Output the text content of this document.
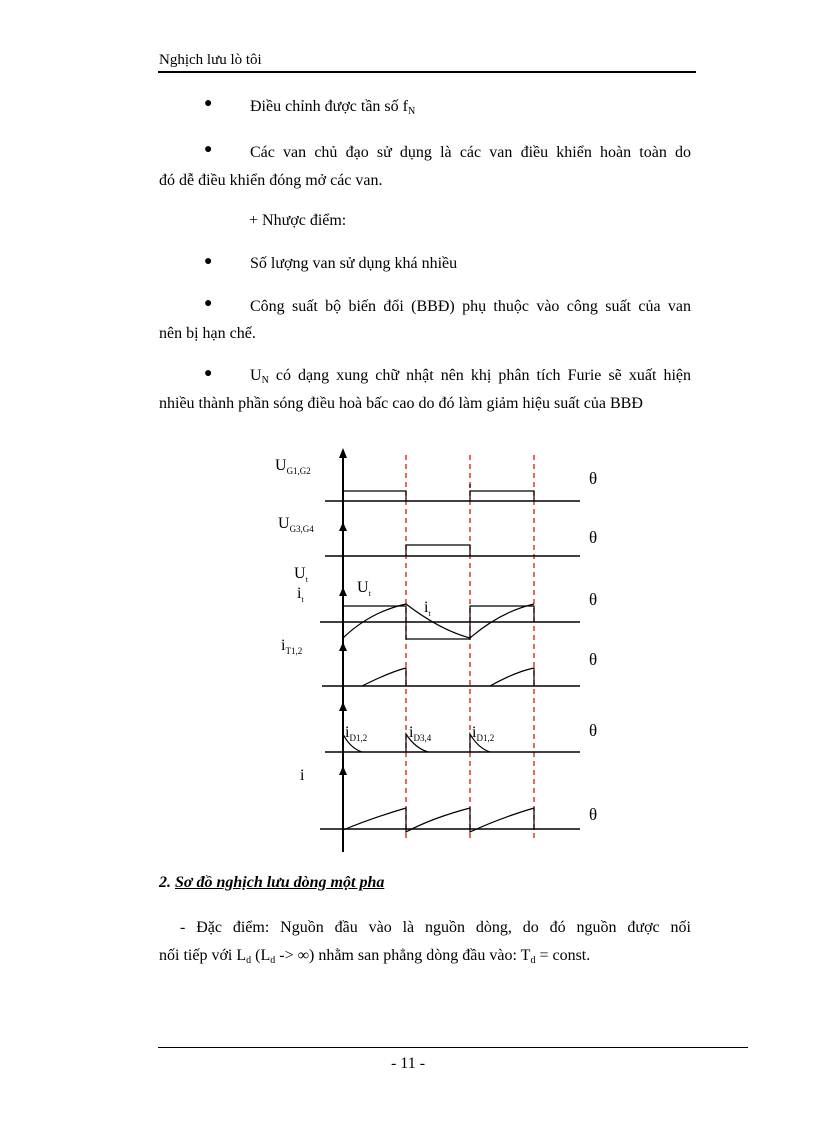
Nghịch lưu lò tôi
● Điều chỉnh được tần số $f_N$
● Các van chủ đạo sử dụng là các van điều khiển hoàn toàn do
đó dễ điều khiển đóng mở các van.
+ Nhược điểm:
● Số lượng van sử dụng khá nhiều
● Công suất bộ biến đổi (BBĐ) phụ thuộc vào công suất của van
nên bị hạn chế.
● $U_N$ có dạng xung chữ nhật nên khị phân tích Furie sẽ xuất hiện
nhiều thành phần sóng điều hoà bấc cao do đó làm giảm hiệu suất của BBĐ
$U_{G1,G2}$
$U_{G3,G4}$
$U_t$
$i_t$
$U_t$
$i_t$
$i_{T1,2}$
$i_{D1,2}$	$i_{D3,4}$	$i_{D1,2}$
i
θ
θ
θ
θ
θ
θ
2. Sơ đồ nghịch lưu dòng một pha
- Đặc điểm: Nguồn đầu vào là nguồn dòng, do đó nguồn được nối
nối tiếp với $L_d$ ($L_d$ -> ∞) nhằm san phẳng dòng đầu vào: $T_d$ = const.
- 11 -
